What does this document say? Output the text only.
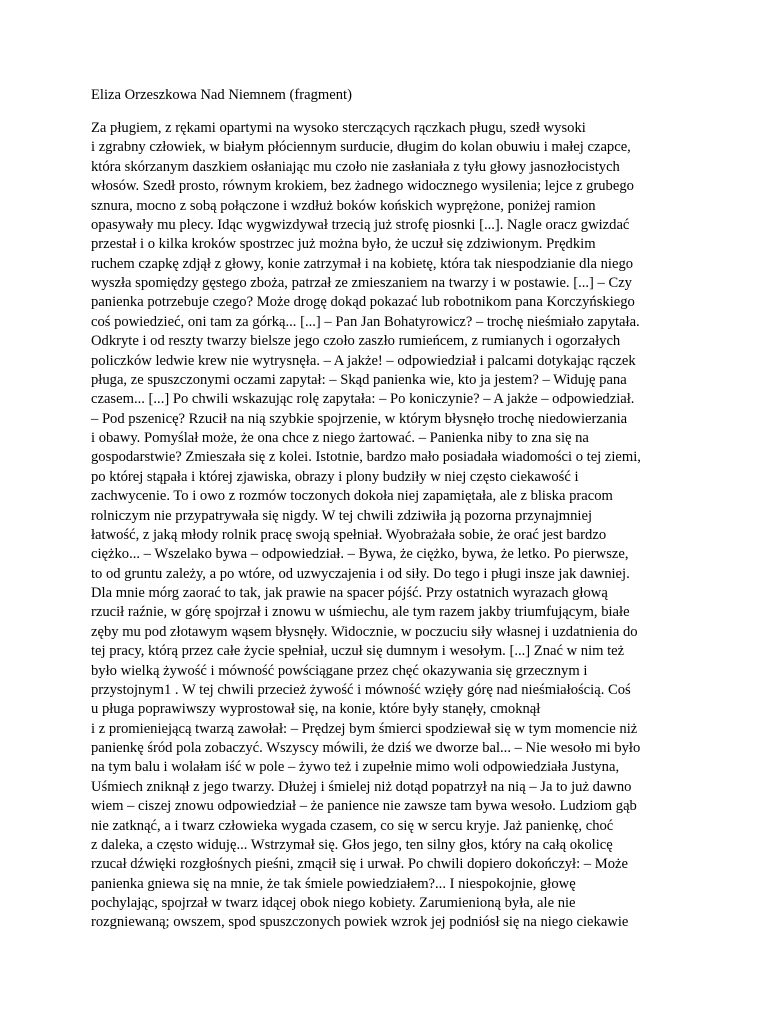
Eliza Orzeszkowa Nad Niemnem (fragment)
Za pługiem, z rękami opartymi na wysoko sterczących rączkach pługu, szedł wysoki
i zgrabny człowiek, w białym płóciennym surducie, długim do kolan obuwiu i małej czapce,
która skórzanym daszkiem osłaniając mu czoło nie zasłaniała z tyłu głowy jasnozłocistych
włosów. Szedł prosto, równym krokiem, bez żadnego widocznego wysilenia; lejce z grubego
sznura, mocno z sobą połączone i wzdłuż boków końskich wyprężone, poniżej ramion
opasywały mu plecy. Idąc wygwizdywał trzecią już strofę piosnki [...]. Nagle oracz gwizdać
przestał i o kilka kroków spostrzec już można było, że uczuł się zdziwionym. Prędkim
ruchem czapkę zdjął z głowy, konie zatrzymał i na kobietę, która tak niespodzianie dla niego
wyszła spomiędzy gęstego zboża, patrzał ze zmieszaniem na twarzy i w postawie. [...] – Czy
panienka potrzebuje czego? Może drogę dokąd pokazać lub robotnikom pana Korczyńskiego
coś powiedzieć, oni tam za górką... [...] – Pan Jan Bohatyrowicz? – trochę nieśmiało zapytała.
Odkryte i od reszty twarzy bielsze jego czoło zaszło rumieńcem, z rumianych i ogorzałych
policzków ledwie krew nie wytrysnęła. – A jakże! – odpowiedział i palcami dotykając rączek
pługa, ze spuszczonymi oczami zapytał: – Skąd panienka wie, kto ja jestem? – Widuję pana
czasem... [...] Po chwili wskazując rolę zapytała: – Po koniczynie? – A jakże – odpowiedział.
– Pod pszenicę? Rzucił na nią szybkie spojrzenie, w którym błysnęło trochę niedowierzania
i obawy. Pomyślał może, że ona chce z niego żartować. – Panienka niby to zna się na
gospodarstwie? Zmieszała się z kolei. Istotnie, bardzo mało posiadała wiadomości o tej ziemi,
po której stąpała i której zjawiska, obrazy i plony budziły w niej często ciekawość i
zachwycenie. To i owo z rozmów toczonych dokoła niej zapamiętała, ale z bliska pracom
rolniczym nie przypatrywała się nigdy. W tej chwili zdziwiła ją pozorna przynajmniej
łatwość, z jaką młody rolnik pracę swoją spełniał. Wyobrażała sobie, że orać jest bardzo
ciężko... – Wszelako bywa – odpowiedział. – Bywa, że ciężko, bywa, że letko. Po pierwsze,
to od gruntu zależy, a po wtóre, od uzwyczajenia i od siły. Do tego i pługi insze jak dawniej.
Dla mnie mórg zaorać to tak, jak prawie na spacer pójść. Przy ostatnich wyrazach głową
rzucił raźnie, w górę spojrzał i znowu w uśmiechu, ale tym razem jakby triumfującym, białe
zęby mu pod złotawym wąsem błysnęły. Widocznie, w poczuciu siły własnej i uzdatnienia do
tej pracy, którą przez całe życie spełniał, uczuł się dumnym i wesołym. [...] Znać w nim też
było wielką żywość i mówność powściągane przez chęć okazywania się grzecznym i
przystojnym1 . W tej chwili przecież żywość i mówność wzięły górę nad nieśmiałością. Coś
u pługa poprawiwszy wyprostował się, na konie, które były stanęły, cmoknął
i z promieniejącą twarzą zawołał: – Prędzej bym śmierci spodziewał się w tym momencie niż
panienkę śród pola zobaczyć. Wszyscy mówili, że dziś we dworze bal... – Nie wesoło mi było
na tym balu i wolałam iść w pole – żywo też i zupełnie mimo woli odpowiedziała Justyna,
Uśmiech zniknął z jego twarzy. Dłużej i śmielej niż dotąd popatrzył na nią – Ja to już dawno
wiem – ciszej znowu odpowiedział – że panience nie zawsze tam bywa wesoło. Ludziom gąb
nie zatknąć, a i twarz człowieka wygada czasem, co się w sercu kryje. Jaż panienkę, choć
z daleka, a często widuję... Wstrzymał się. Głos jego, ten silny głos, który na całą okolicę
rzucał dźwięki rozgłośnych pieśni, zmącił się i urwał. Po chwili dopiero dokończył: – Może
panienka gniewa się na mnie, że tak śmiele powiedziałem?... I niespokojnie, głowę
pochylając, spojrzał w twarz idącej obok niego kobiety. Zarumienioną była, ale nie
rozgniewaną; owszem, spod spuszczonych powiek wzrok jej podniósł się na niego ciekawie
